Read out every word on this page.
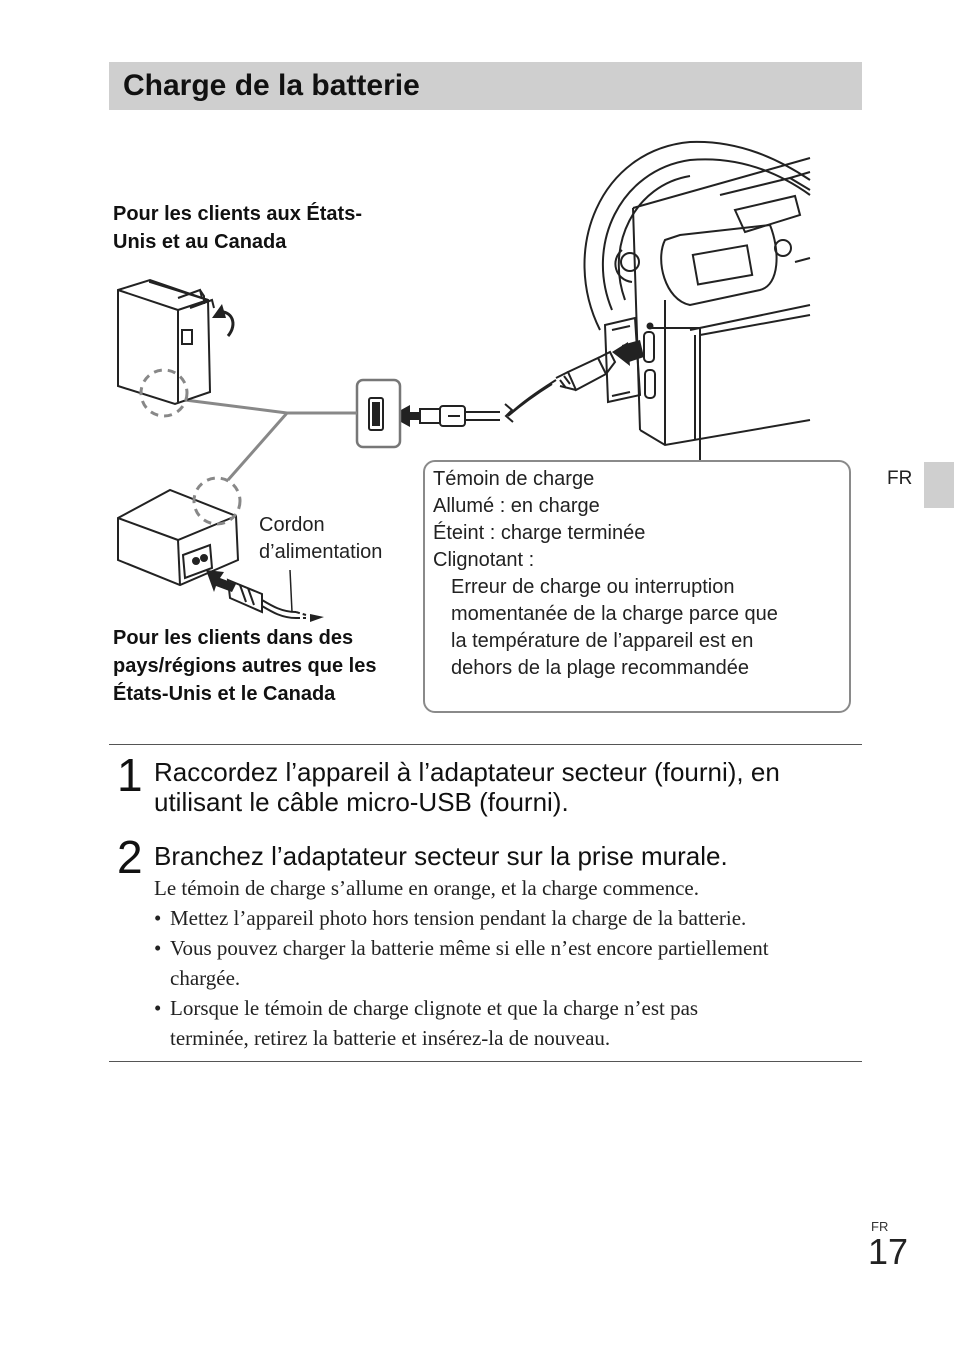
Charge de la batterie
FR
Pour les clients aux États-
Unis et au Canada
Cordon
d’alimentation
Pour les clients dans des
pays/régions autres que les
États-Unis et le Canada
Témoin de charge
Allumé : en charge
Éteint : charge terminée
Clignotant :
Erreur de charge ou interruption
momentanée de la charge parce que
la température de l’appareil est en
dehors de la plage recommandée
1 Raccordez l’appareil à l’adaptateur secteur (fourni), en
utilisant le câble micro-USB (fourni).
2 Branchez l’adaptateur secteur sur la prise murale.
Le témoin de charge s’allume en orange, et la charge commence.
• Mettez l’appareil photo hors tension pendant la charge de la batterie.
• Vous pouvez charger la batterie même si elle n’est encore partiellement
chargée.
• Lorsque le témoin de charge clignote et que la charge n’est pas
terminée, retirez la batterie et insérez-la de nouveau.
FR
17
